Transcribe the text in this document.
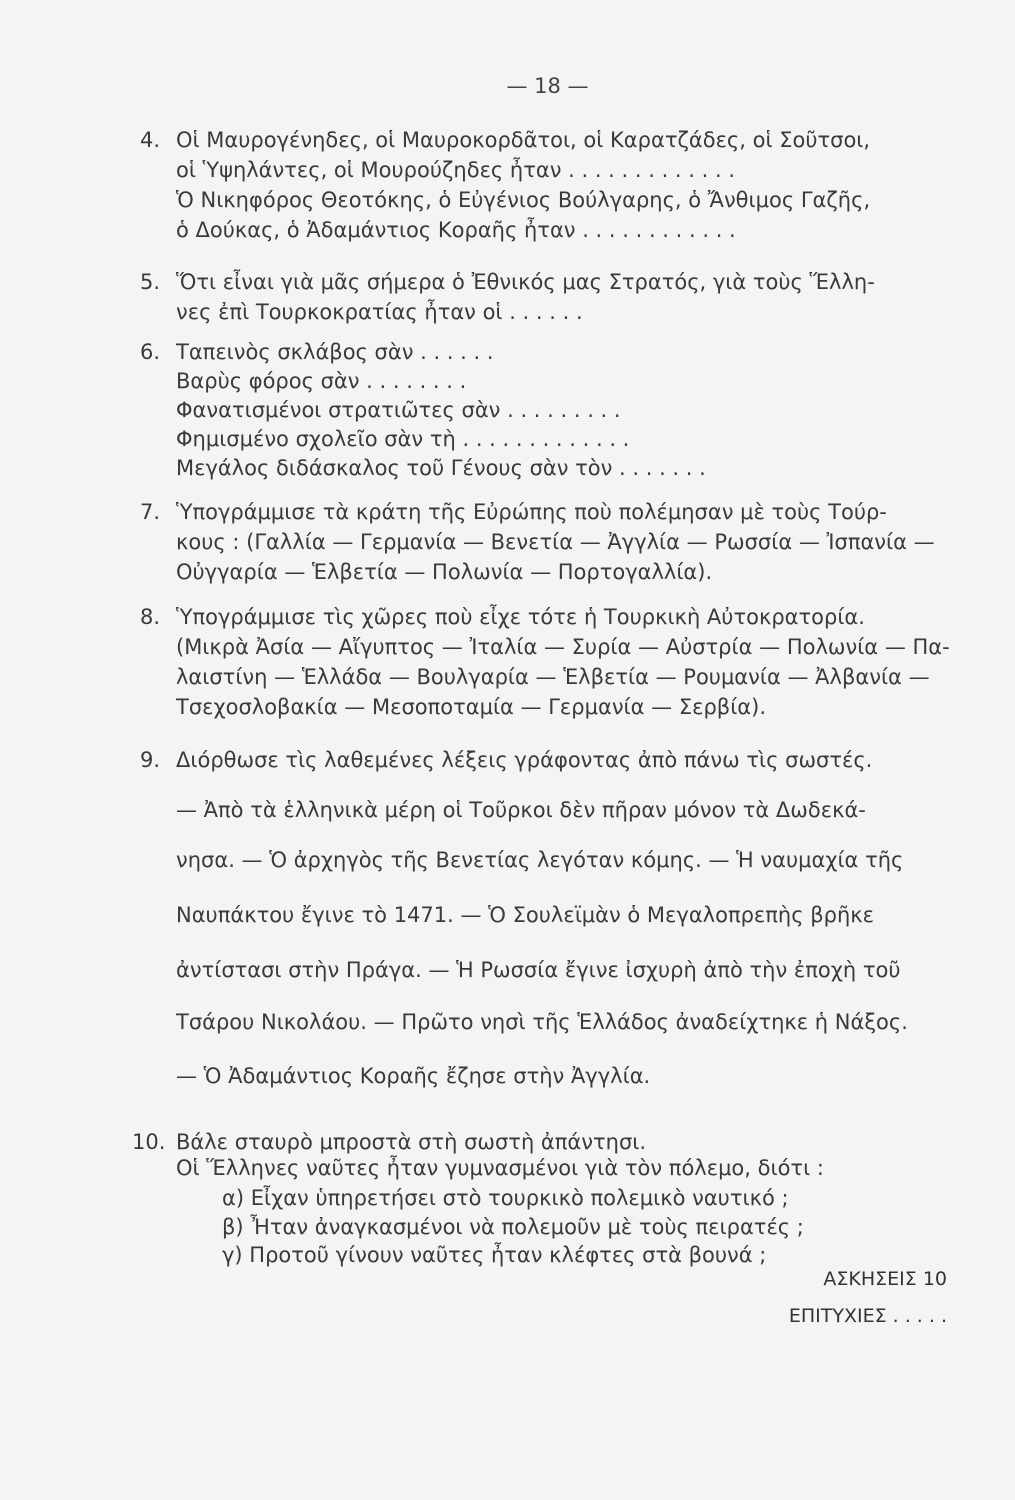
— 18 —
4. Οἱ Μαυρογένηδες, οἱ Μαυροκορδᾶτοι, οἱ Καρατζάδες, οἱ Σοῦτσοι,
οἱ Ὑψηλάντες, οἱ Μουρούζηδες ἦταν . . . . . . . . . . . . .
Ὁ Νικηφόρος Θεοτόκης, ὁ Εὐγένιος Βούλγαρης, ὁ Ἄνθιμος Γαζῆς,
ὁ Δούκας, ὁ Ἀδαμάντιος Κοραῆς ἦταν . . . . . . . . . . . .
5. Ὅτι εἶναι γιὰ μᾶς σήμερα ὁ Ἐθνικός μας Στρατός, γιὰ τοὺς Ἕλλη-
νες ἐπὶ Τουρκοκρατίας ἦταν οἱ . . . . . .
6. Ταπεινὸς σκλάβος σὰν . . . . . .
Βαρὺς φόρος σὰν . . . . . . . .
Φανατισμένοι στρατιῶτες σὰν . . . . . . . . .
Φημισμένο σχολεῖο σὰν τὴ . . . . . . . . . . . . .
Μεγάλος διδάσκαλος τοῦ Γένους σὰν τὸν . . . . . . .
7. Ὑπογράμμισε τὰ κράτη τῆς Εὐρώπης ποὺ πολέμησαν μὲ τοὺς Τούρ-
κους : (Γαλλία — Γερμανία — Βενετία — Ἀγγλία — Ρωσσία — Ἰσπανία —
Οὐγγαρία — Ἑλβετία — Πολωνία — Πορτογαλλία).
8. Ὑπογράμμισε τὶς χῶρες ποὺ εἶχε τότε ἡ Τουρκικὴ Αὐτοκρατορία.
(Μικρὰ Ἀσία — Αἴγυπτος — Ἰταλία — Συρία — Αὐστρία — Πολωνία — Πα-
λαιστίνη — Ἑλλάδα — Βουλγαρία — Ἑλβετία — Ρουμανία — Ἀλβανία —
Τσεχοσλοβακία — Μεσοποταμία — Γερμανία — Σερβία).
9. Διόρθωσε τὶς λαθεμένες λέξεις γράφοντας ἀπὸ πάνω τὶς σωστές.
— Ἀπὸ τὰ ἑλληνικὰ μέρη οἱ Τοῦρκοι δὲν πῆραν μόνον τὰ Δωδεκά-
νησα. — Ὁ ἀρχηγὸς τῆς Βενετίας λεγόταν κόμης. — Ἡ ναυμαχία τῆς
Ναυπάκτου ἔγινε τὸ 1471. — Ὁ Σουλεϊμὰν ὁ Μεγαλοπρεπὴς βρῆκε
ἀντίστασι στὴν Πράγα. — Ἡ Ρωσσία ἔγινε ἰσχυρὴ ἀπὸ τὴν ἐποχὴ τοῦ
Τσάρου Νικολάου. — Πρῶτο νησὶ τῆς Ἑλλάδος ἀναδείχτηκε ἡ Νάξος.
— Ὁ Ἀδαμάντιος Κοραῆς ἔζησε στὴν Ἀγγλία.
10. Βάλε σταυρὸ μπροστὰ στὴ σωστὴ ἀπάντησι.
Οἱ Ἕλληνες ναῦτες ἦταν γυμνασμένοι γιὰ τὸν πόλεμο, διότι :
α) Εἶχαν ὑπηρετήσει στὸ τουρκικὸ πολεμικὸ ναυτικό ;
β) Ἦταν ἀναγκασμένοι νὰ πολεμοῦν μὲ τοὺς πειρατές ;
γ) Προτοῦ γίνουν ναῦτες ἦταν κλέφτες στὰ βουνά ;
ΑΣΚΗΣΕΙΣ 10
ΕΠΙΤΥΧΙΕΣ . . . . .
